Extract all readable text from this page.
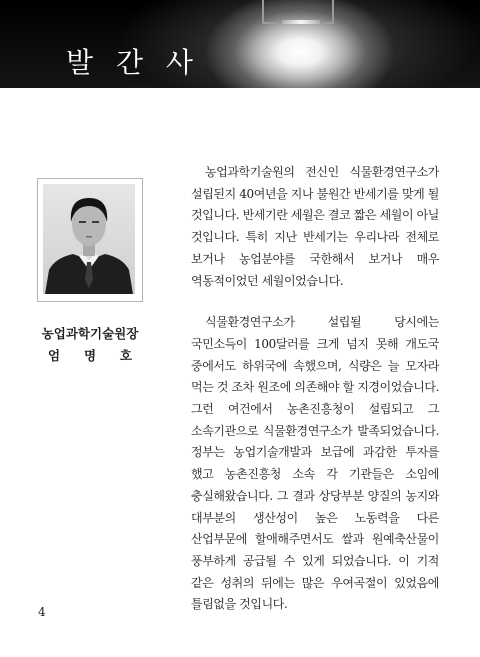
발 간 사

농업과학기술원장

엄 명 호

농업과학기술원의 전신인 식물환경연구소가 설립된지 40여년을 지나 불원간 반세기를 맞게 될 것입니다. 반세기란 세월은 결코 짧은 세월이 아닐 것입니다. 특히 지난 반세기는 우리나라 전체로 보거나 농업분야를 국한해서 보거나 매우 역동적이었던 세월이었습니다.

식물환경연구소가 설립될 당시에는 국민소득이 100달러를 크게 넘지 못해 개도국 중에서도 하위국에 속했으며, 식량은 늘 모자라 먹는 것 조차 원조에 의존해야 할 지경이었습니다. 그런 여건에서 농촌진흥청이 설립되고 그 소속기관으로 식물환경연구소가 발족되었습니다. 정부는 농업기술개발과 보급에 과감한 투자를 했고 농촌진흥청 소속 각 기관들은 소임에 충실해왔습니다. 그 결과 상당부분 양질의 농지와 대부분의 생산성이 높은 노동력을 다른 산업부문에 할애해주면서도 쌀과 원예축산물이 풍부하게 공급될 수 있게 되었습니다. 이 기적 같은 성취의 뒤에는 많은 우여곡절이 있었음에 틀림없을 것입니다.

4
